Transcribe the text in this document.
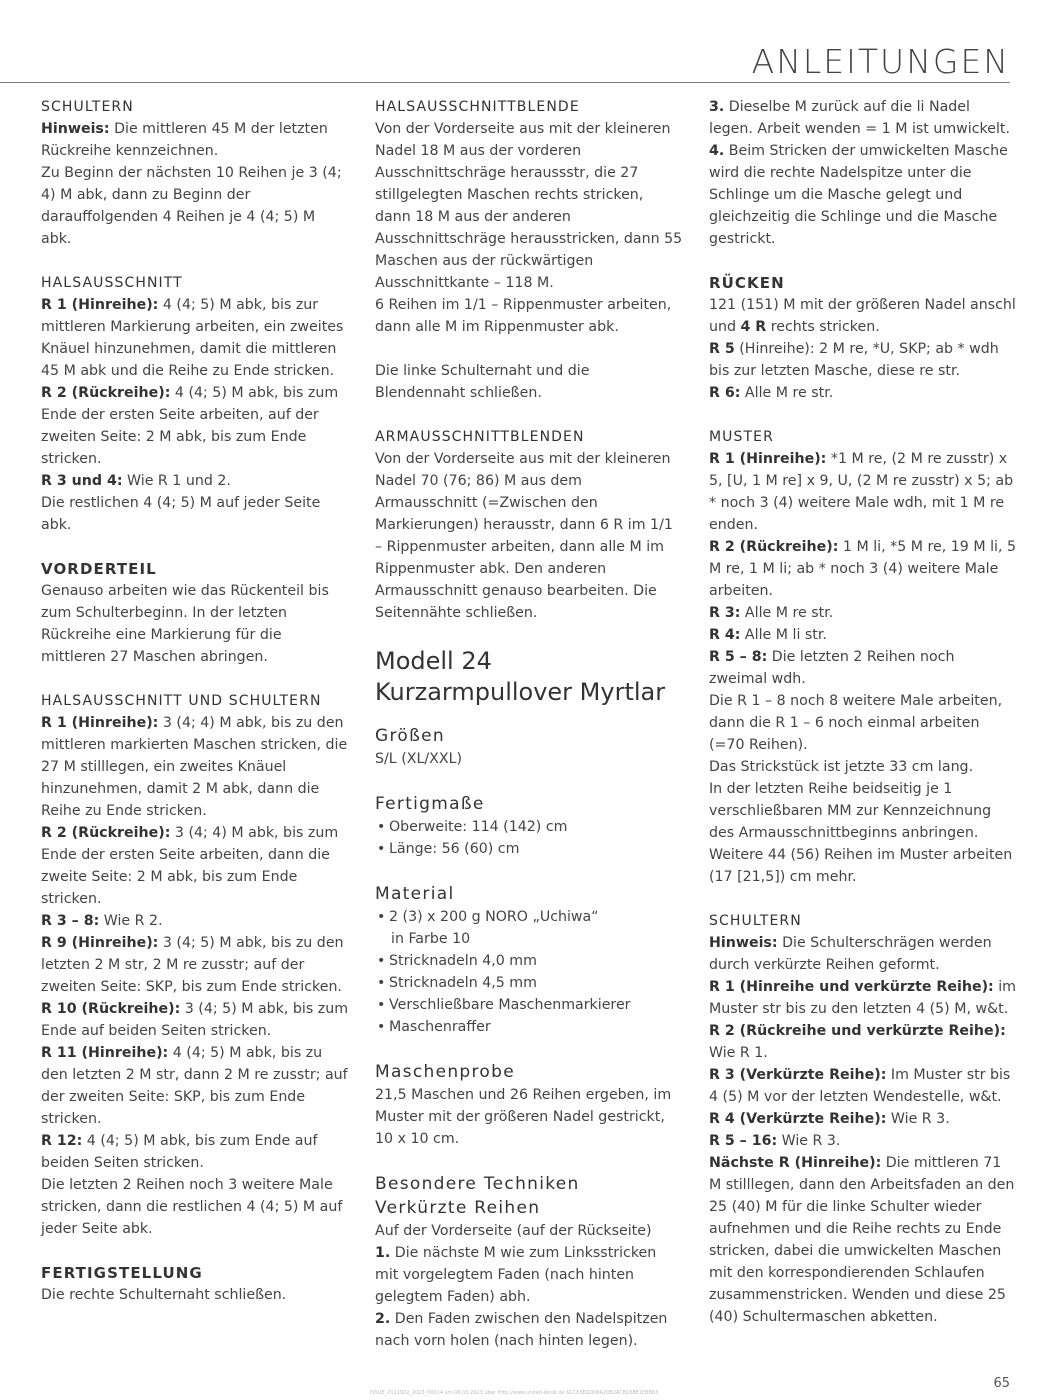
ANLEITUNGEN
SCHULTERN

Hinweis: Die mittleren 45 M der letzten Rückreihe kennzeichnen.

Zu Beginn der nächsten 10 Reihen je 3 (4; 4) M abk, dann zu Beginn der darauffolgenden 4 Reihen je 4 (4; 5) M abk.

HALSAUSSCHNITT

R 1 (Hinreihe): 4 (4; 5) M abk, bis zur mittleren Markierung arbeiten, ein zweites Knäuel hinzunehmen, damit die mittleren 45 M abk und die Reihe zu Ende stricken.

R 2 (Rückreihe): 4 (4; 5) M abk, bis zum Ende der ersten Seite arbeiten, auf der zweiten Seite: 2 M abk, bis zum Ende stricken.

R 3 und 4: Wie R 1 und 2.

Die restlichen 4 (4; 5) M auf jeder Seite abk.

VORDERTEIL

Genauso arbeiten wie das Rückenteil bis zum Schulterbeginn. In der letzten Rückreihe eine Markierung für die mittleren 27 Maschen abringen.

HALSAUSSCHNITT UND SCHULTERN

R 1 (Hinreihe): 3 (4; 4) M abk, bis zu den mittleren markierten Maschen stricken, die 27 M stilllegen, ein zweites Knäuel hinzunehmen, damit 2 M abk, dann die Reihe zu Ende stricken.

R 2 (Rückreihe): 3 (4; 4) M abk, bis zum Ende der ersten Seite arbeiten, dann die zweite Seite: 2 M abk, bis zum Ende stricken.

R 3 – 8: Wie R 2.

R 9 (Hinreihe): 3 (4; 5) M abk, bis zu den letzten 2 M str, 2 M re zusstr; auf der zweiten Seite: SKP, bis zum Ende stricken.

R 10 (Rückreihe): 3 (4; 5) M abk, bis zum Ende auf beiden Seiten stricken.

R 11 (Hinreihe): 4 (4; 5) M abk, bis zu den letzten 2 M str, dann 2 M re zusstr; auf der zweiten Seite: SKP, bis zum Ende stricken.

R 12: 4 (4; 5) M abk, bis zum Ende auf beiden Seiten stricken.

Die letzten 2 Reihen noch 3 weitere Male stricken, dann die restlichen 4 (4; 5) M auf jeder Seite abk.

FERTIGSTELLUNG

Die rechte Schulternaht schließen.

HALSAUSSCHNITTBLENDE

Von der Vorderseite aus mit der kleineren Nadel 18 M aus der vorderen Ausschnittschräge heraussstr, die 27 stillgelegten Maschen rechts stricken, dann 18 M aus der anderen Ausschnittschräge herausstricken, dann 55 Maschen aus der rückwärtigen Ausschnittkante – 118 M.

6 Reihen im 1/1 – Rippenmuster arbeiten, dann alle M im Rippenmuster abk.

Die linke Schulternaht und die Blendennaht schließen.

ARMAUSSCHNITTBLENDEN

Von der Vorderseite aus mit der kleineren Nadel 70 (76; 86) M aus dem Armausschnitt (=Zwischen den Markierungen) herausstr, dann 6 R im 1/1 – Rippenmuster arbeiten, dann alle M im Rippenmuster abk. Den anderen Armausschnitt genauso bearbeiten. Die Seitennähte schließen.

Modell 24
Kurzarmpullover Myrtlar
Größen

S/L (XL/XXL)

Fertigmaße
• Oberweite: 114 (142) cm
• Länge: 56 (60) cm
Material
• 2 (3) x 200 g NORO „Uchiwa“
in Farbe 10
• Stricknadeln 4,0 mm
• Stricknadeln 4,5 mm
• Verschließbare Maschenmarkierer
• Maschenraffer
Maschenprobe

21,5 Maschen und 26 Reihen ergeben, im Muster mit der größeren Nadel gestrickt, 10 x 10 cm.

Besondere Techniken
Verkürzte Reihen

Auf der Vorderseite (auf der Rückseite)

1. Die nächste M wie zum Linksstricken mit vorgelegtem Faden (nach hinten gelegtem Faden) abh.

2. Den Faden zwischen den Nadelspitzen nach vorn holen (nach hinten legen).

3. Dieselbe M zurück auf die li Nadel legen. Arbeit wenden = 1 M ist umwickelt.

4. Beim Stricken der umwickelten Masche wird die rechte Nadelspitze unter die Schlinge um die Masche gelegt und gleichzeitig die Schlinge und die Masche gestrickt.

RÜCKEN

121 (151) M mit der größeren Nadel anschl und 4 R rechts stricken.

R 5 (Hinreihe): 2 M re, *U, SKP; ab * wdh bis zur letzten Masche, diese re str.

R 6: Alle M re str.

MUSTER

R 1 (Hinreihe): *1 M re, (2 M re zusstr) x 5, [U, 1 M re] x 9, U, (2 M re zusstr) x 5; ab * noch 3 (4) weitere Male wdh, mit 1 M re enden.

R 2 (Rückreihe): 1 M li, *5 M re, 19 M li, 5 M re, 1 M li; ab * noch 3 (4) weitere Male arbeiten.

R 3: Alle M re str.

R 4: Alle M li str.

R 5 – 8: Die letzten 2 Reihen noch zweimal wdh.

Die R 1 – 8 noch 8 weitere Male arbeiten, dann die R 1 – 6 noch einmal arbeiten (=70 Reihen).

Das Strickstück ist jetzte 33 cm lang.

In der letzten Reihe beidseitig je 1 verschließbaren MM zur Kennzeichnung des Armausschnittbeginns anbringen. Weitere 44 (56) Reihen im Muster arbeiten (17 [21,5]) cm mehr.

SCHULTERN

Hinweis: Die Schulterschrägen werden durch verkürzte Reihen geformt.

R 1 (Hinreihe und verkürzte Reihe): im Muster str bis zu den letzten 4 (5) M, w&t.

R 2 (Rückreihe und verkürzte Reihe): Wie R 1.

R 3 (Verkürzte Reihe): Im Muster str bis 4 (5) M vor der letzten Wendestelle, w&t.

R 4 (Verkürzte Reihe): Wie R 3.

R 5 – 16: Wie R 3.

Nächste R (Hinreihe): Die mittleren 71 M stilllegen, dann den Arbeitsfaden an den 25 (40) M für die linke Schulter wieder aufnehmen und die Reihe rechts zu Ende stricken, dabei die umwickelten Maschen mit den korrespondierenden Schlaufen zusammenstricken. Wenden und diese 25 (40) Schultermaschen abketten.

65
ISSUE_2111922_2023_00014 am 06.03.2023 über http://www.united-kiosk.de 6CCE3B1D08A20B2ACB168E1E8B63
